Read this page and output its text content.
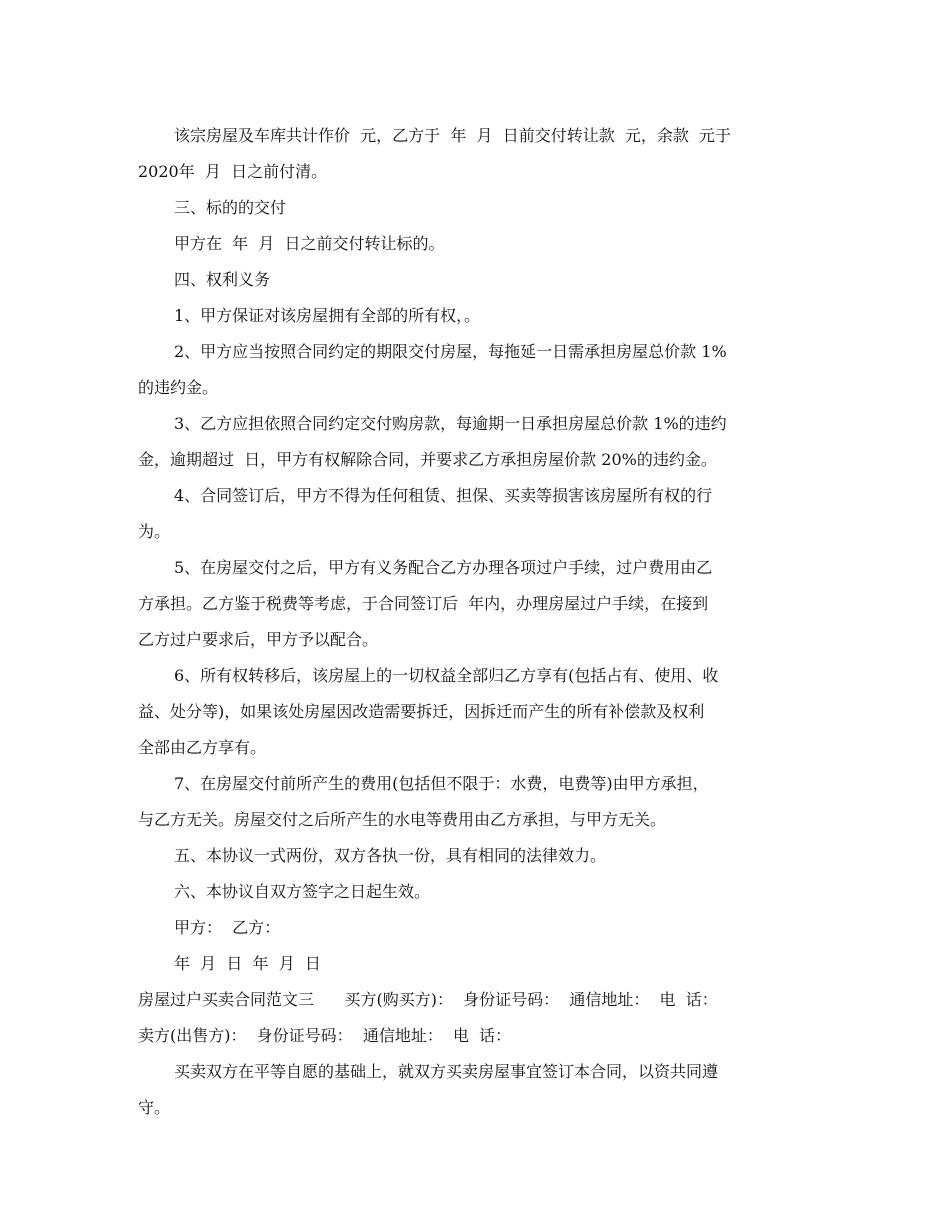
该宗房屋及车库共计作价  元，乙方于  年  月  日前交付转让款  元，余款  元于
2020年  月  日之前付清。
三、标的的交付
甲方在  年  月  日之前交付转让标的。
四、权利义务
1、甲方保证对该房屋拥有全部的所有权，。
2、甲方应当按照合同约定的期限交付房屋，每拖延一日需承担房屋总价款 1%
的违约金。
3、乙方应担依照合同约定交付购房款，每逾期一日承担房屋总价款 1%的违约
金，逾期超过  日，甲方有权解除合同，并要求乙方承担房屋价款 20%的违约金。
4、合同签订后，甲方不得为任何租赁、担保、买卖等损害该房屋所有权的行
为。
5、在房屋交付之后，甲方有义务配合乙方办理各项过户手续，过户费用由乙
方承担。乙方鉴于税费等考虑，于合同签订后  年内，办理房屋过户手续，在接到
乙方过户要求后，甲方予以配合。
6、所有权转移后，该房屋上的一切权益全部归乙方享有(包括占有、使用、收
益、处分等)，如果该处房屋因改造需要拆迁，因拆迁而产生的所有补偿款及权利
全部由乙方享有。
7、在房屋交付前所产生的费用(包括但不限于：水费，电费等)由甲方承担，
与乙方无关。房屋交付之后所产生的水电等费用由乙方承担，与甲方无关。
五、本协议一式两份，双方各执一份，具有相同的法律效力。
六、本协议自双方签字之日起生效。
甲方：  乙方：
年  月  日  年  月  日
房屋过户买卖合同范文三      买方(购买方)：  身份证号码：  通信地址：  电  话：
卖方(出售方)：  身份证号码：  通信地址：  电  话：
买卖双方在平等自愿的基础上，就双方买卖房屋事宜签订本合同，以资共同遵
守。
